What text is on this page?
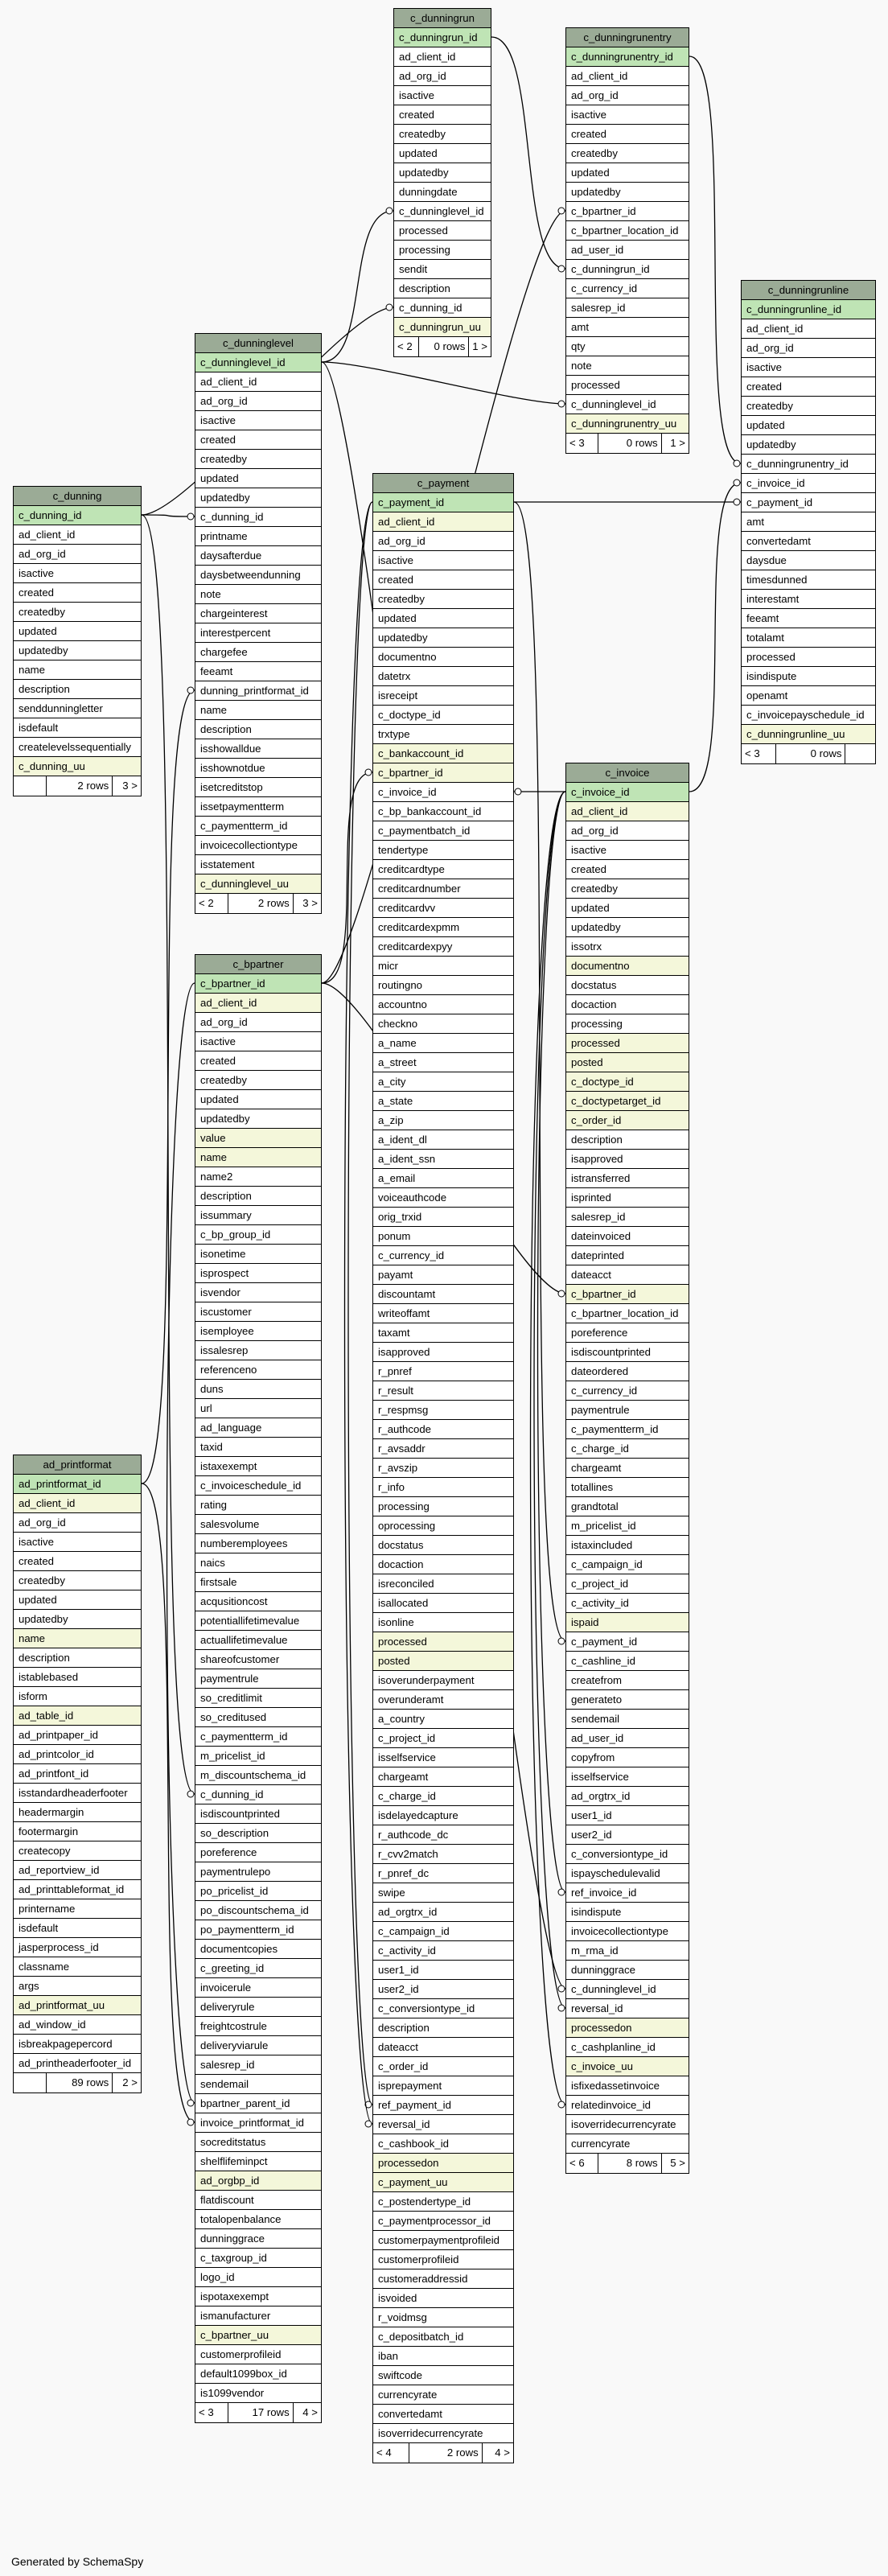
c_dunningrun
c_dunningrun_id
ad_client_id
ad_org_id
isactive
created
createdby
updated
updatedby
dunningdate
c_dunninglevel_id
processed
processing
sendit
description
c_dunning_id
c_dunningrun_uu
< 2	0 rows 1 >
c_dunningrunentry
c_dunningrunentry_id
ad_client_id
ad_org_id
isactive
created
createdby
updated
updatedby
c_bpartner_id
c_bpartner_location_id
ad_user_id
c_dunningrun_id
c_currency_id
salesrep_id
amt
qty
note
processed
c_dunninglevel_id
c_dunningrunentry_uu
< 3	0 rows	1 >
c_dunningrunline
c_dunningrunline_id
ad_client_id
ad_org_id
isactive
created
createdby
updated
updatedby
c_dunningrunentry_id
c_invoice_id
c_payment_id
amt
convertedamt
daysdue
timesdunned
interestamt
feeamt
totalamt
processed
isindispute
openamt
c_invoicepayschedule_id
c_dunningrunline_uu
< 3	0 rows
c_dunninglevel
c_dunninglevel_id
ad_client_id
ad_org_id
isactive
created
createdby
updated
updatedby
c_dunning_id
printname
daysafterdue
daysbetweendunning
note
chargeinterest
interestpercent
chargefee
feeamt
dunning_printformat_id
name
description
isshowalldue
isshownotdue
isetcreditstop
issetpaymentterm
c_paymentterm_id
invoicecollectiontype
isstatement
c_dunninglevel_uu
< 2	2 rows	3 >
c_dunning
c_dunning_id
ad_client_id
ad_org_id
isactive
created
createdby
updated
updatedby
name
description
senddunningletter
isdefault
createlevelssequentially
c_dunning_uu
2 rows	3 >
c_payment
c_payment_id
ad_client_id
ad_org_id
isactive
created
createdby
updated
updatedby
documentno
datetrx
isreceipt
c_doctype_id
trxtype
c_bankaccount_id
c_bpartner_id
c_invoice_id
c_bp_bankaccount_id
c_paymentbatch_id
tendertype
creditcardtype
creditcardnumber
creditcardvv
creditcardexpmm
creditcardexpyy
micr
routingno
accountno
checkno
a_name
a_street
a_city
a_state
a_zip
a_ident_dl
a_ident_ssn
a_email
voiceauthcode
orig_trxid
ponum
c_currency_id
payamt
discountamt
writeoffamt
taxamt
isapproved
r_pnref
r_result
r_respmsg
r_authcode
r_avsaddr
r_avszip
r_info
processing
oprocessing
docstatus
docaction
isreconciled
isallocated
isonline
processed
posted
isoverunderpayment
overunderamt
a_country
c_project_id
isselfservice
chargeamt
c_charge_id
isdelayedcapture
r_authcode_dc
r_cvv2match
r_pnref_dc
swipe
ad_orgtrx_id
c_campaign_id
c_activity_id
user1_id
user2_id
c_conversiontype_id
description
dateacct
c_order_id
isprepayment
ref_payment_id
reversal_id
c_cashbook_id
processedon
c_payment_uu
c_postendertype_id
c_paymentprocessor_id
customerpaymentprofileid
customerprofileid
customeraddressid
isvoided
r_voidmsg
c_depositbatch_id
iban
swiftcode
currencyrate
convertedamt
isoverridecurrencyrate
< 4	2 rows	4 >
c_invoice
c_invoice_id
ad_client_id
ad_org_id
isactive
created
createdby
updated
updatedby
issotrx
documentno
docstatus
docaction
processing
processed
posted
c_doctype_id
c_doctypetarget_id
c_order_id
description
isapproved
istransferred
isprinted
salesrep_id
dateinvoiced
dateprinted
dateacct
c_bpartner_id
c_bpartner_location_id
poreference
isdiscountprinted
dateordered
c_currency_id
paymentrule
c_paymentterm_id
c_charge_id
chargeamt
totallines
grandtotal
m_pricelist_id
istaxincluded
c_campaign_id
c_project_id
c_activity_id
ispaid
c_payment_id
c_cashline_id
createfrom
generateto
sendemail
ad_user_id
copyfrom
isselfservice
ad_orgtrx_id
user1_id
user2_id
c_conversiontype_id
ispayschedulevalid
ref_invoice_id
isindispute
invoicecollectiontype
m_rma_id
dunninggrace
c_dunninglevel_id
reversal_id
processedon
c_cashplanline_id
c_invoice_uu
isfixedassetinvoice
relatedinvoice_id
isoverridecurrencyrate
currencyrate
< 6	8 rows	5 >
c_bpartner
c_bpartner_id
ad_client_id
ad_org_id
isactive
created
createdby
updated
updatedby
value
name
name2
description
issummary
c_bp_group_id
isonetime
isprospect
isvendor
iscustomer
isemployee
issalesrep
referenceno
duns
url
ad_language
taxid
istaxexempt
c_invoiceschedule_id
rating
salesvolume
numberemployees
naics
firstsale
acqusitioncost
potentiallifetimevalue
actuallifetimevalue
shareofcustomer
paymentrule
so_creditlimit
so_creditused
c_paymentterm_id
m_pricelist_id
m_discountschema_id
c_dunning_id
isdiscountprinted
so_description
poreference
paymentrulepo
po_pricelist_id
po_discountschema_id
po_paymentterm_id
documentcopies
c_greeting_id
invoicerule
deliveryrule
freightcostrule
deliveryviarule
salesrep_id
sendemail
bpartner_parent_id
invoice_printformat_id
socreditstatus
shelflifeminpct
ad_orgbp_id
flatdiscount
totalopenbalance
dunninggrace
c_taxgroup_id
logo_id
ispotaxexempt
ismanufacturer
c_bpartner_uu
customerprofileid
default1099box_id
is1099vendor
< 3	17 rows	4 >
ad_printformat
ad_printformat_id
ad_client_id
ad_org_id
isactive
created
createdby
updated
updatedby
name
description
istablebased
isform
ad_table_id
ad_printpaper_id
ad_printcolor_id
ad_printfont_id
isstandardheaderfooter
headermargin
footermargin
createcopy
ad_reportview_id
ad_printtableformat_id
printername
isdefault
jasperprocess_id
classname
args
ad_printformat_uu
ad_window_id
isbreakpagepercord
ad_printheaderfooter_id
89 rows	2 >
Generated by SchemaSpy
